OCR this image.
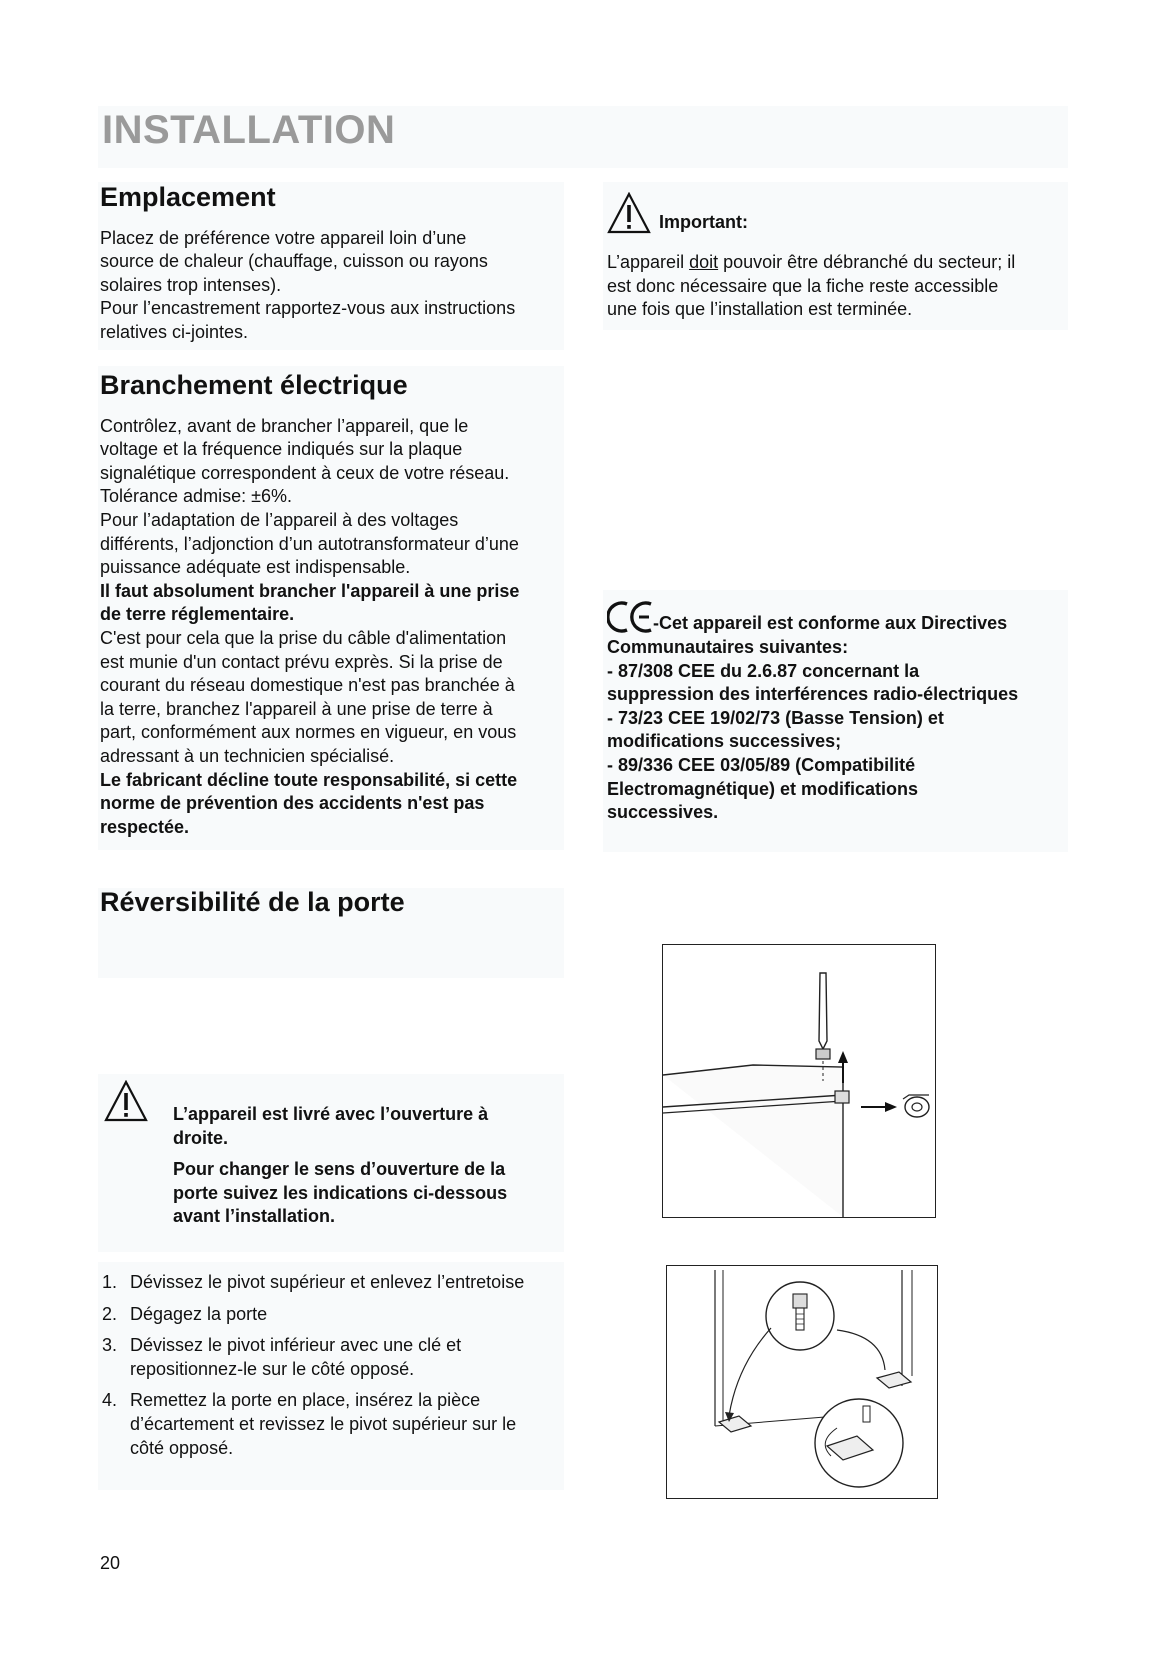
INSTALLATION
Emplacement

Placez de préférence votre appareil loin d’une

source de chaleur (chauffage, cuisson ou rayons

solaires trop intenses).

Pour l’encastrement rapportez-vous aux instructions

relatives ci-jointes.

Important:

L’appareil doit pouvoir être débranché du secteur; il

est donc nécessaire que la fiche reste accessible

une fois que l’installation est terminée.

Branchement électrique

Contrôlez, avant de brancher l’appareil, que le

voltage et la fréquence indiqués sur la plaque

signalétique correspondent à ceux de votre réseau.

Tolérance admise: ±6%.

Pour l’adaptation de l’appareil à des voltages

différents, l’adjonction d’un autotransformateur d’une

puissance adéquate est indispensable.

Il faut absolument brancher l'appareil à une prise

de terre réglementaire.

C'est pour cela que la prise du câble d'alimentation

est munie d'un contact prévu exprès. Si la prise de

courant du réseau domestique n'est pas branchée à

la terre, branchez l'appareil à une prise de terre à

part, conformément aux normes en vigueur, en vous

adressant à un technicien spécialisé.

Le fabricant décline toute responsabilité, si cette

norme de prévention des accidents n'est pas

respectée.

-Cet appareil est conforme aux Directives

Communautaires suivantes:

- 87/308 CEE du 2.6.87 concernant la

suppression des interférences radio-électriques

- 73/23 CEE 19/02/73 (Basse Tension) et

modifications successives;

- 89/336 CEE 03/05/89 (Compatibilité

Electromagnétique) et modifications

successives.

Réversibilité de la porte

L’appareil est livré avec l’ouverture à

droite.

Pour changer le sens d’ouverture de la

porte suivez les indications ci-dessous

avant l’installation.

1. Dévissez le pivot supérieur et enlevez l’entretoise
2. Dégagez la porte
3. Dévissez le pivot inférieur avec une clé et
repositionnez-le sur le côté opposé.
4. Remettez la porte en place, insérez la pièce
d’écartement et revissez le pivot supérieur sur le
côté opposé.
20
